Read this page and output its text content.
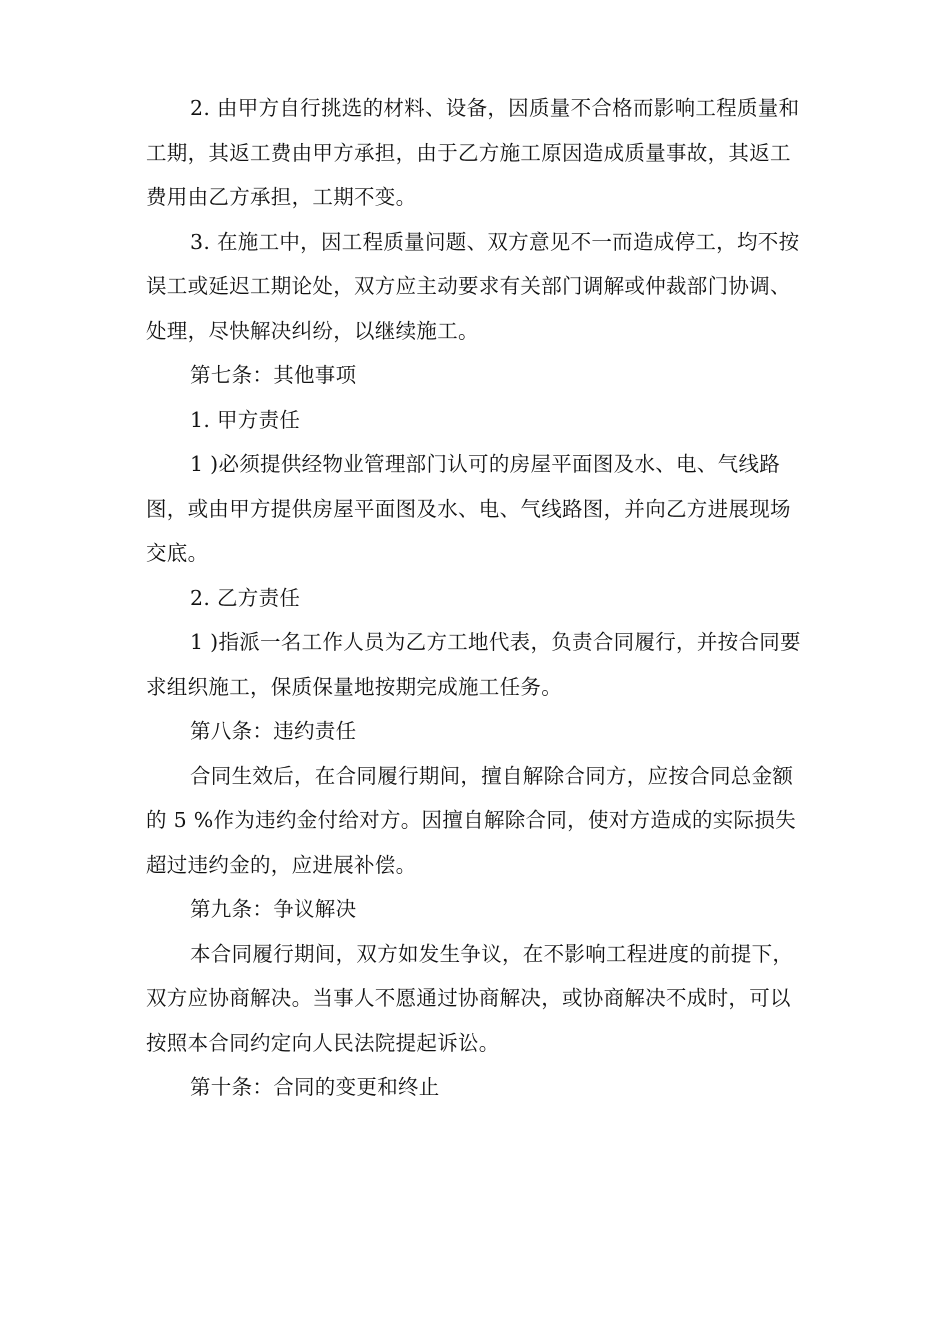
2. 由甲方自行挑选的材料、设备，因质量不合格而影响工程质量和工期，其返工费由甲方承担，由于乙方施工原因造成质量事故，其返工费用由乙方承担，工期不变。

3. 在施工中，因工程质量问题、双方意见不一而造成停工，均不按误工或延迟工期论处，双方应主动要求有关部门调解或仲裁部门协调、处理，尽快解决纠纷，以继续施工。

第七条：其他事项

1. 甲方责任

1 )必须提供经物业管理部门认可的房屋平面图及水、电、气线路图，或由甲方提供房屋平面图及水、电、气线路图，并向乙方进展现场交底。

2. 乙方责任

1 )指派一名工作人员为乙方工地代表，负责合同履行，并按合同要求组织施工，保质保量地按期完成施工任务。

第八条：违约责任

合同生效后，在合同履行期间，擅自解除合同方，应按合同总金额的 5 %作为违约金付给对方。因擅自解除合同，使对方造成的实际损失超过违约金的，应进展补偿。

第九条：争议解决

本合同履行期间，双方如发生争议，在不影响工程进度的前提下，双方应协商解决。当事人不愿通过协商解决，或协商解决不成时，可以按照本合同约定向人民法院提起诉讼。

第十条：合同的变更和终止
